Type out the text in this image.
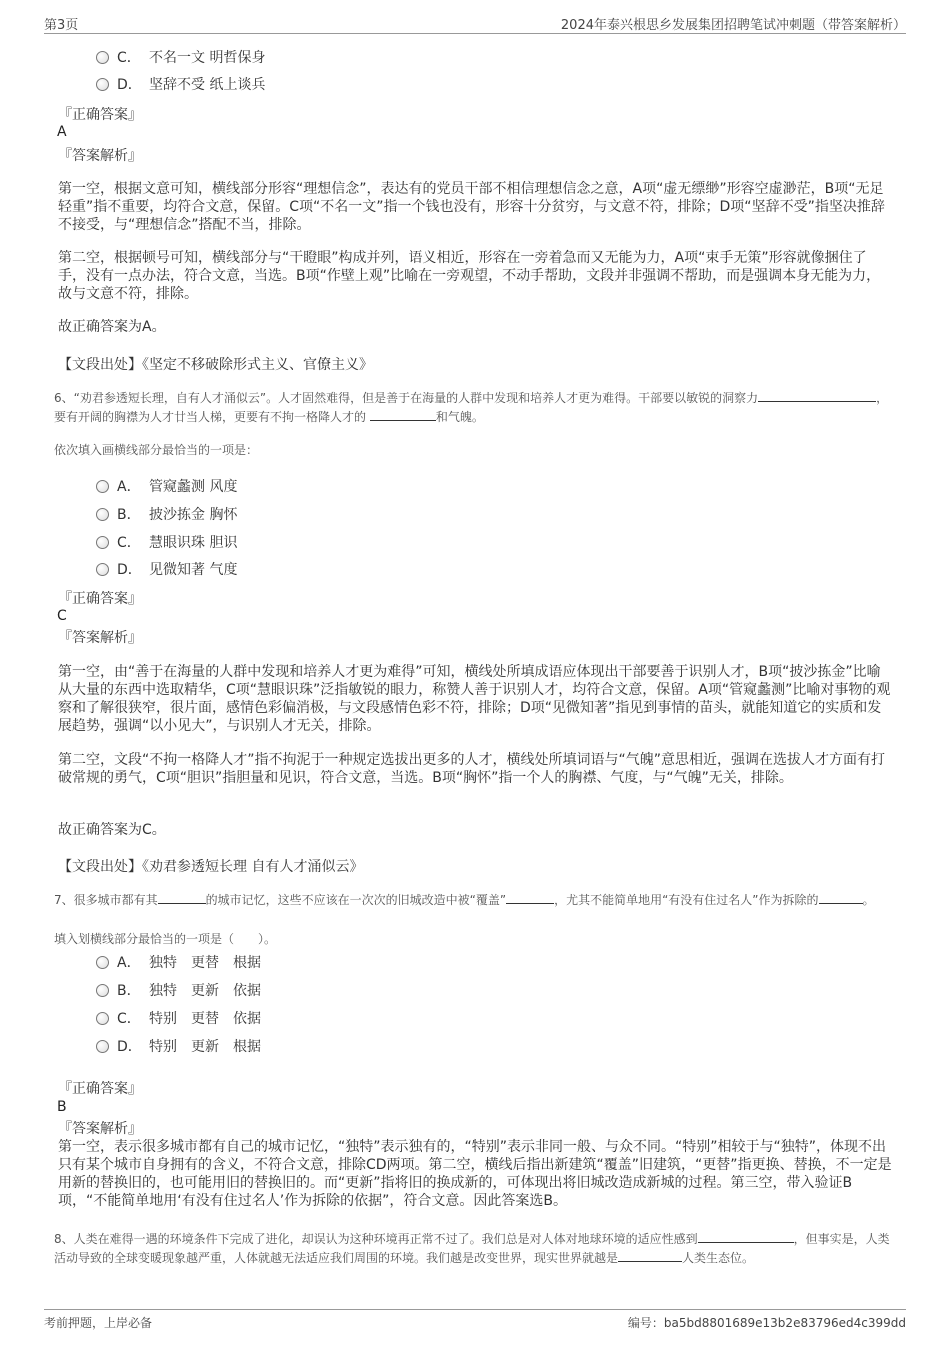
第3页	2024年泰兴根思乡发展集团招聘笔试冲刺题（带答案解析）
C． 不名一文 明哲保身
D． 坚辞不受 纸上谈兵
『正确答案』
A
『答案解析』

第一空，根据文意可知，横线部分形容“理想信念”，表达有的党员干部不相信理想信念之意，A项“虚无缥缈”形容空虚渺茫，B项“无足轻重”指不重要，均符合文意，保留。C项“不名一文”指一个钱也没有，形容十分贫穷，与文意不符，排除；D项“坚辞不受”指坚决推辞不接受，与“理想信念”搭配不当，排除。

第二空，根据顿号可知，横线部分与“干瞪眼”构成并列，语义相近，形容在一旁着急而又无能为力，A项“束手无策”形容就像捆住了手，没有一点办法，符合文意，当选。B项“作壁上观”比喻在一旁观望，不动手帮助，文段并非强调不帮助，而是强调本身无能为力，故与文意不符，排除。

故正确答案为A。
【文段出处】《坚定不移破除形式主义、官僚主义》

6、“劝君参透短长理，自有人才涌似云”。人才固然难得，但是善于在海量的人群中发现和培养人才更为难得。干部要以敏锐的洞察力	，要有开阔的胸襟为人才廿当人梯，更要有不拘一格降人才的	和气魄。

依次填入画横线部分最恰当的一项是：
A． 管窥蠡测 风度
B． 披沙拣金 胸怀
C． 慧眼识珠 胆识
D． 见微知著 气度
『正确答案』
C
『答案解析』

第一空，由“善于在海量的人群中发现和培养人才更为难得”可知，横线处所填成语应体现出干部要善于识别人才，B项“披沙拣金”比喻从大量的东西中选取精华，C项“慧眼识珠”泛指敏锐的眼力，称赞人善于识别人才，均符合文意，保留。A项“管窥蠡测”比喻对事物的观察和了解很狭窄，很片面，感情色彩偏消极，与文段感情色彩不符，排除；D项“见微知著”指见到事情的苗头，就能知道它的实质和发展趋势，强调“以小见大”，与识别人才无关，排除。

第二空，文段“不拘一格降人才”指不拘泥于一种规定选拔出更多的人才，横线处所填词语与“气魄”意思相近，强调在选拔人才方面有打破常规的勇气，C项“胆识”指胆量和见识，符合文意，当选。B项“胸怀”指一个人的胸襟、气度，与“气魄”无关，排除。

故正确答案为C。
【文段出处】《劝君参透短长理 自有人才涌似云》

7、很多城市都有其	的城市记忆，这些不应该在一次次的旧城改造中被“覆盖”	，尤其不能简单地用“有没有住过名人”作为拆除的	。

填入划横线部分最恰当的一项是（　　）。
A． 独特　更替　根据
B． 独特　更新　依据
C． 特别　更替　依据
D． 特别　更新　根据
『正确答案』
B
『答案解析』

第一空，表示很多城市都有自己的城市记忆，“独特”表示独有的，“特别”表示非同一般、与众不同。“特别”相较于与“独特”，体现不出只有某个城市自身拥有的含义，不符合文意，排除CD两项。第二空，横线后指出新建筑“覆盖”旧建筑，“更替”指更换、替换，不一定是用新的替换旧的，也可能用旧的替换旧的。而“更新”指将旧的换成新的，可体现出将旧城改造成新城的过程。第三空，带入验证B项，“不能简单地用‘有没有住过名人’作为拆除的依据”，符合文意。因此答案选B。

8、人类在难得一遇的环境条件下完成了进化，却误认为这种环境再正常不过了。我们总是对人体对地球环境的适应性感到	，但事实是，人类活动导致的全球变暖现象越严重，人体就越无法适应我们周围的环境。我们越是改变世界，现实世界就越是	人类生态位。

考前押题，上岸必备	编号：ba5bd8801689e13b2e83796ed4c399dd
